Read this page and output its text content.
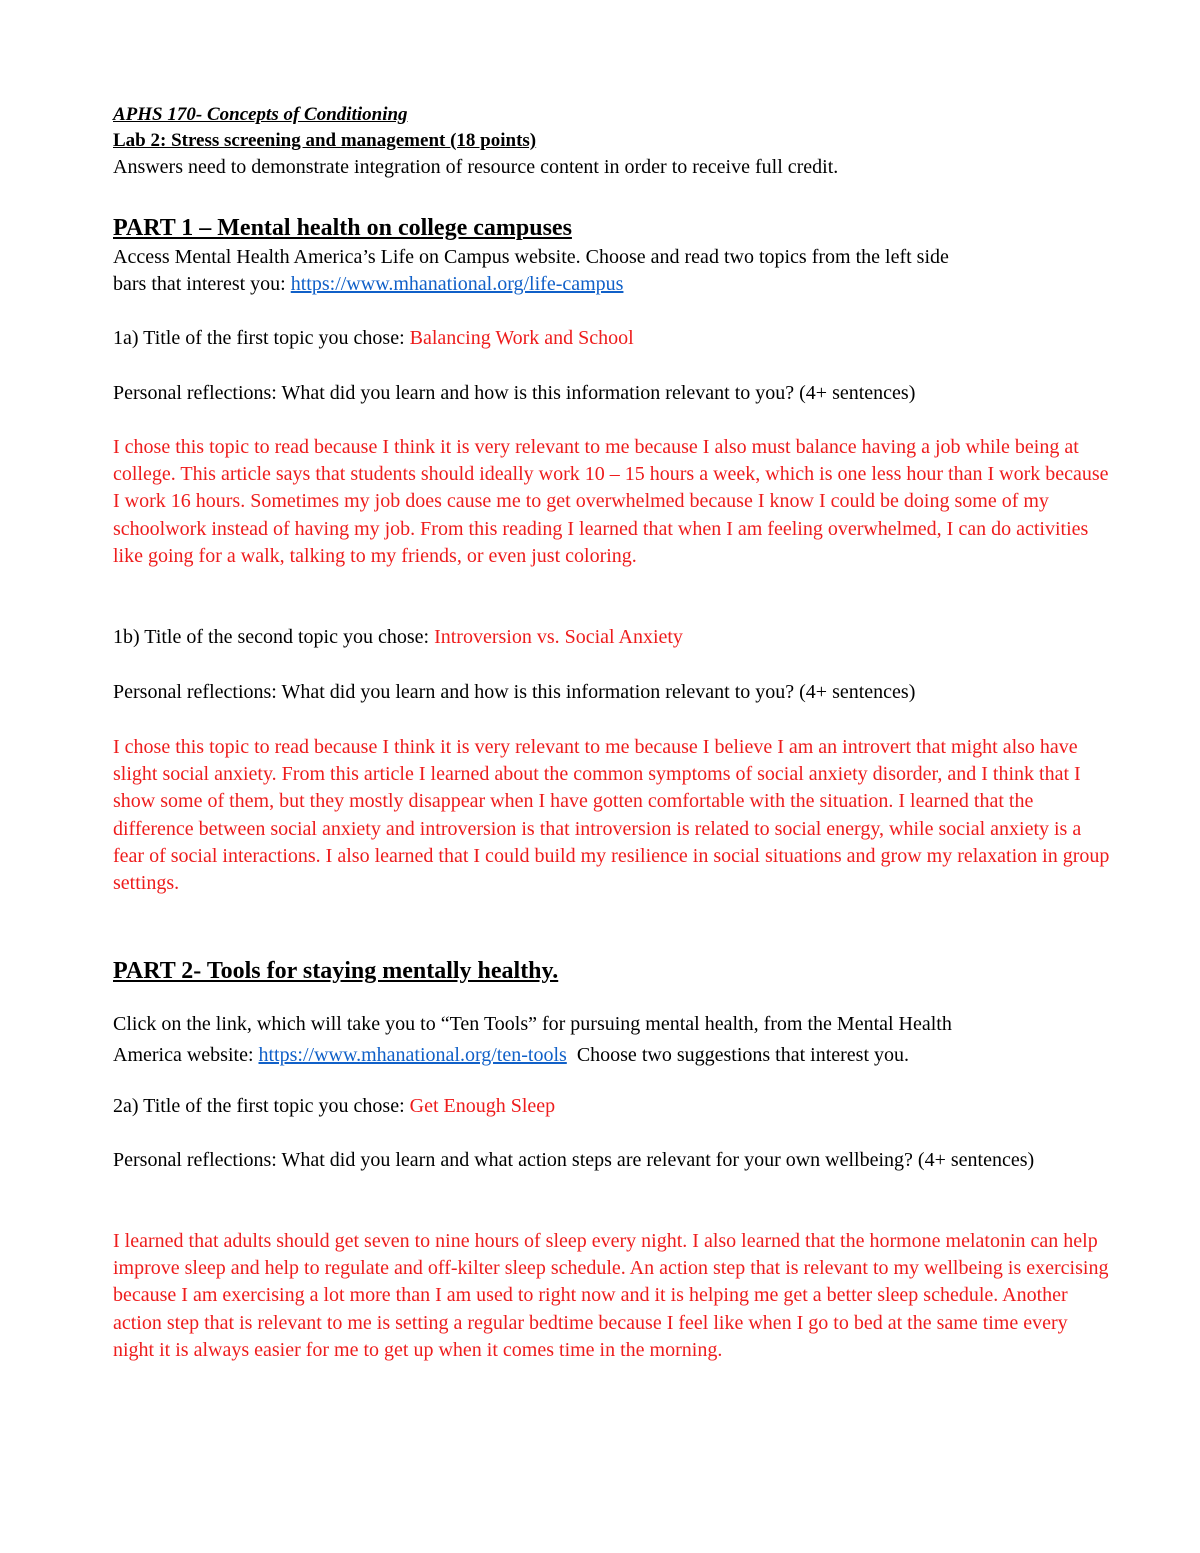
APHS 170- Concepts of Conditioning
Lab 2: Stress screening and management (18 points)
Answers need to demonstrate integration of resource content in order to receive full credit.
PART 1 – Mental health on college campuses
Access Mental Health America’s Life on Campus website. Choose and read two topics from the left side
bars that interest you: https://www.mhanational.org/life-campus
1a) Title of the first topic you chose: Balancing Work and School
Personal reflections: What did you learn and how is this information relevant to you? (4+ sentences)
I chose this topic to read because I think it is very relevant to me because I also must balance having a job while being at college. This article says that students should ideally work 10 – 15 hours a week, which is one less hour than I work because I work 16 hours. Sometimes my job does cause me to get overwhelmed because I know I could be doing some of my schoolwork instead of having my job. From this reading I learned that when I am feeling overwhelmed, I can do activities like going for a walk, talking to my friends, or even just coloring.
1b) Title of the second topic you chose: Introversion vs. Social Anxiety
Personal reflections: What did you learn and how is this information relevant to you? (4+ sentences)
I chose this topic to read because I think it is very relevant to me because I believe I am an introvert that might also have slight social anxiety. From this article I learned about the common symptoms of social anxiety disorder, and I think that I show some of them, but they mostly disappear when I have gotten comfortable with the situation. I learned that the difference between social anxiety and introversion is that introversion is related to social energy, while social anxiety is a fear of social interactions. I also learned that I could build my resilience in social situations and grow my relaxation in group settings.
PART 2- Tools for staying mentally healthy.
Click on the link, which will take you to “Ten Tools” for pursuing mental health, from the Mental Health
America website: https://www.mhanational.org/ten-tools  Choose two suggestions that interest you.
2a) Title of the first topic you chose: Get Enough Sleep
Personal reflections: What did you learn and what action steps are relevant for your own wellbeing? (4+ sentences)
I learned that adults should get seven to nine hours of sleep every night. I also learned that the hormone melatonin can help improve sleep and help to regulate and off-kilter sleep schedule. An action step that is relevant to my wellbeing is exercising because I am exercising a lot more than I am used to right now and it is helping me get a better sleep schedule. Another action step that is relevant to me is setting a regular bedtime because I feel like when I go to bed at the same time every night it is always easier for me to get up when it comes time in the morning.
